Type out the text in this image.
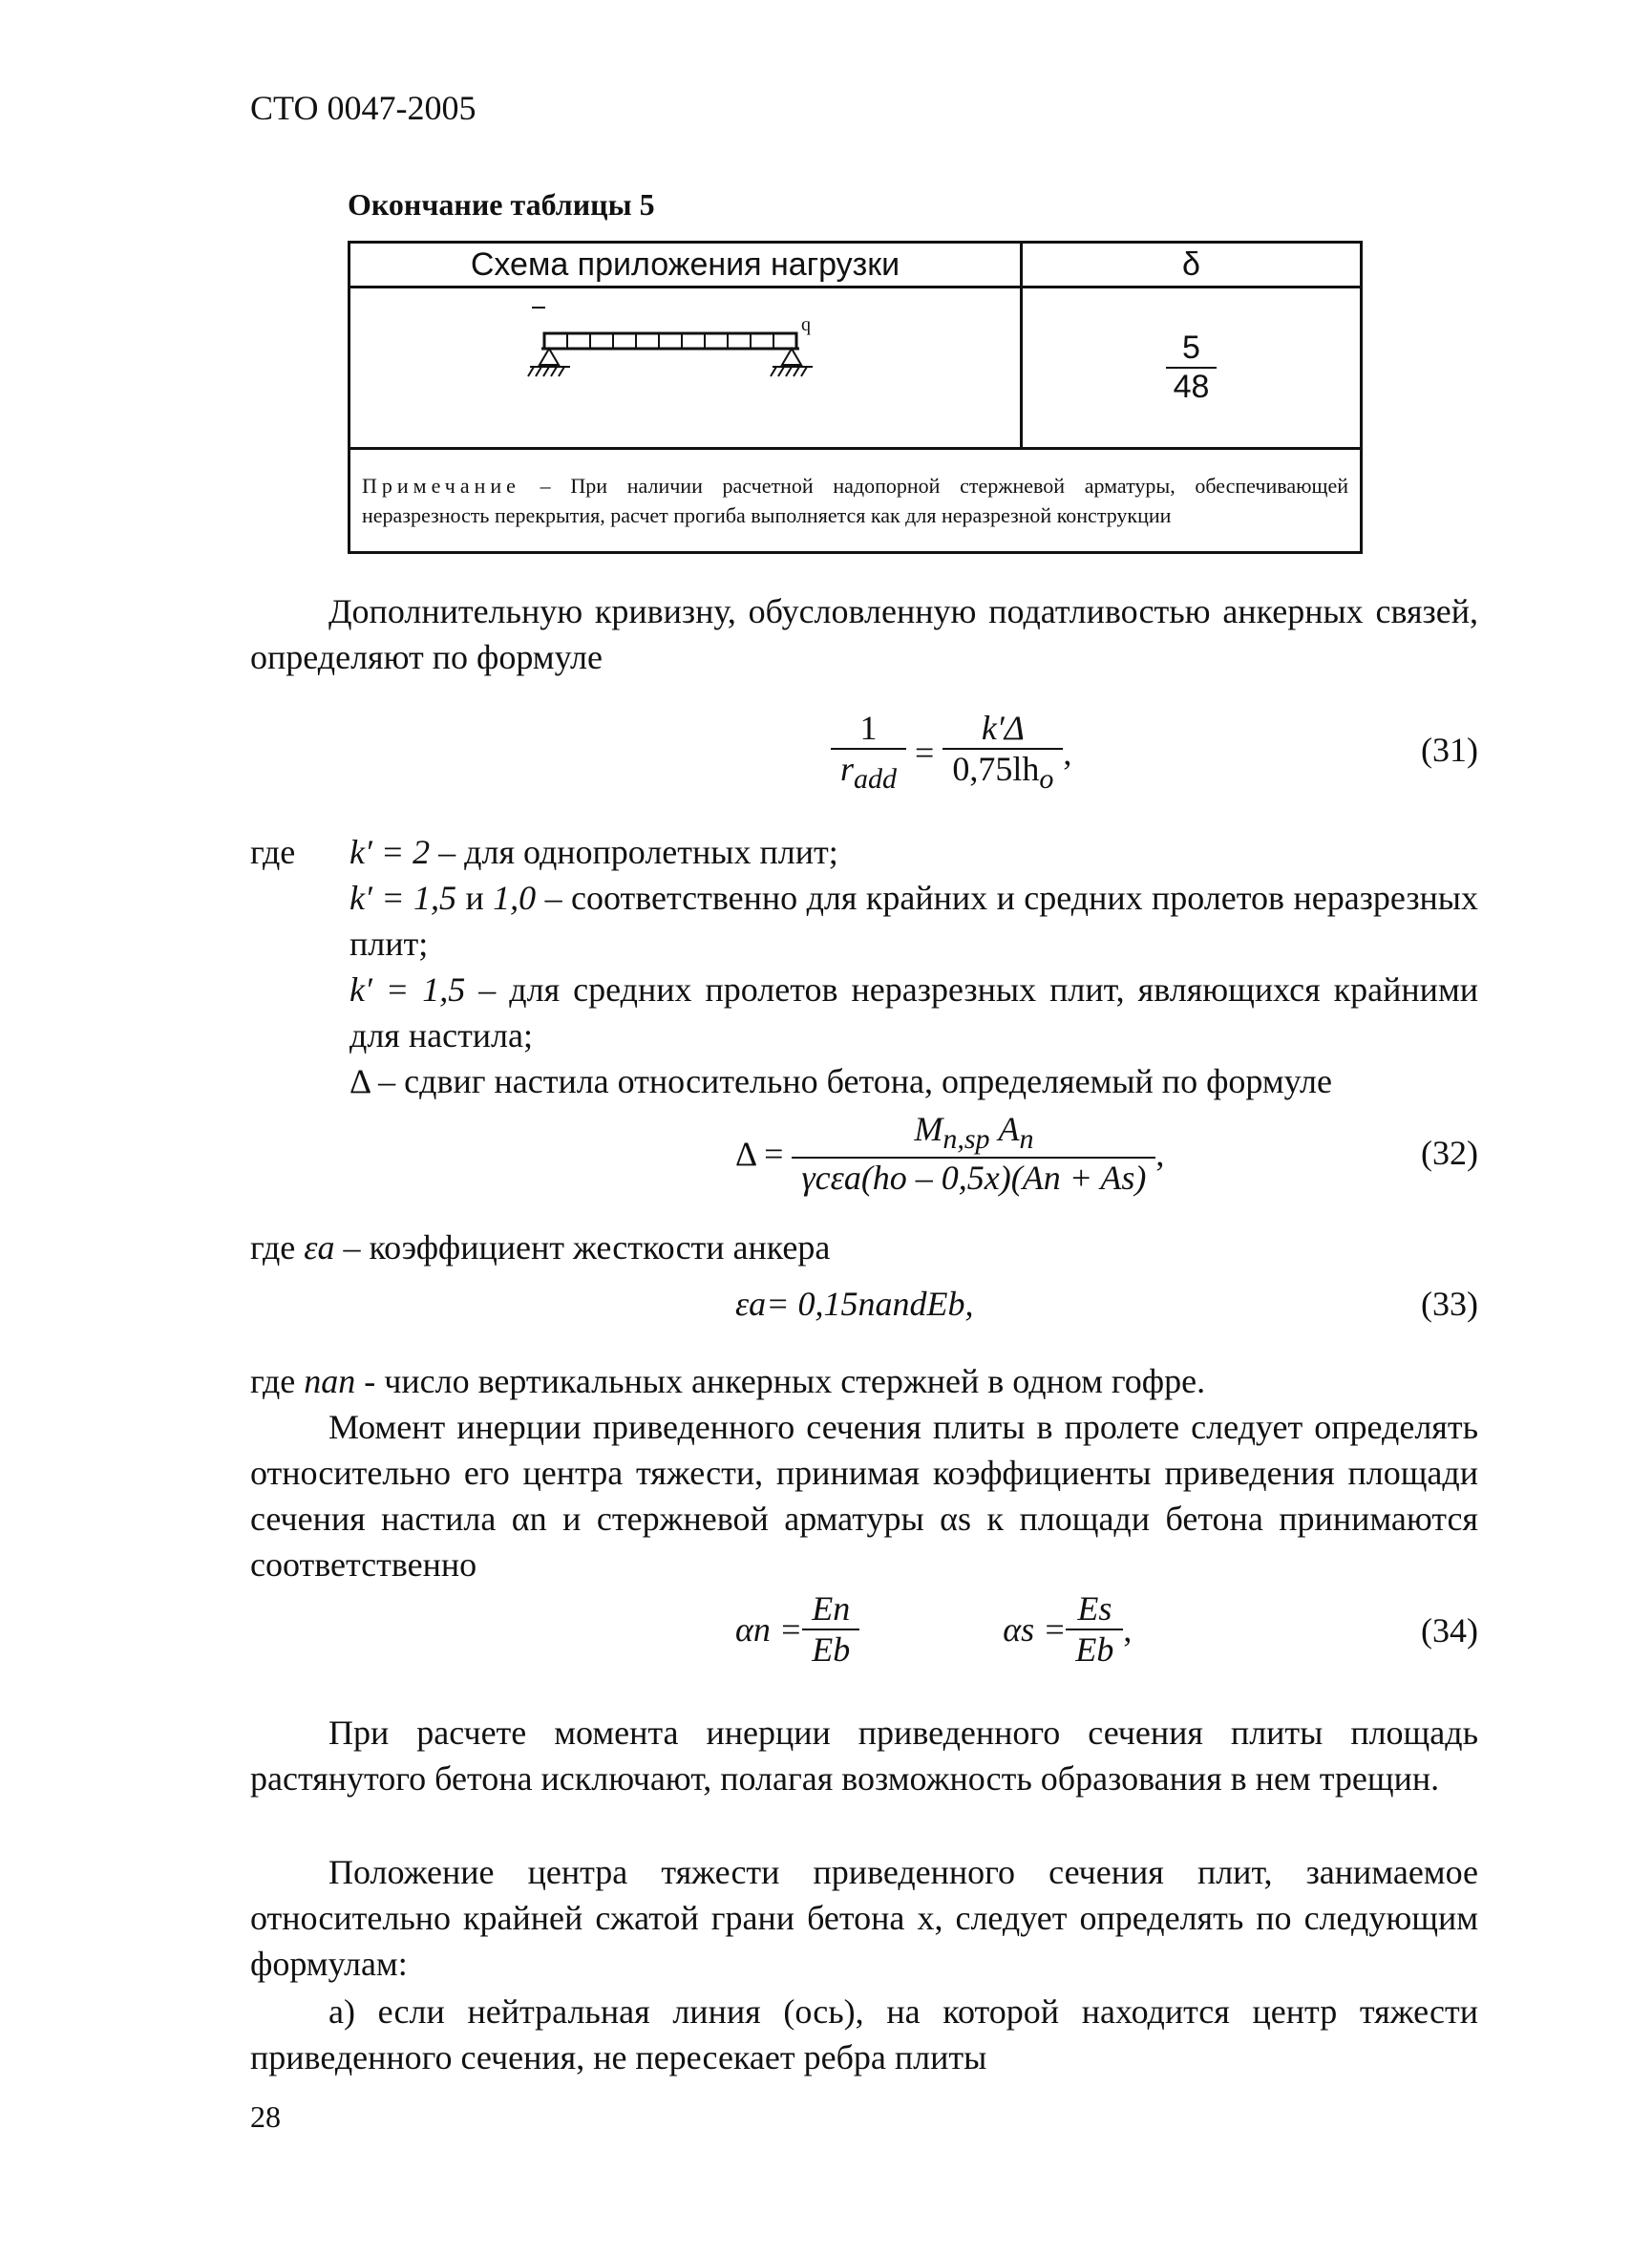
СТО 0047-2005
Окончание таблицы 5
Схема приложения нагрузки	δ

q	$\frac{5}{48}$

Примечание – При наличии расчетной надопорной стержневой арматуры, обеспечивающей неразрезность перекрытия, расчет прогиба выполняется как для неразрезной конструкции	
Дополнительную кривизну, обусловленную податливостью анкерных связей, определяют по формуле
$\frac{1}{r_{add}} = \frac{k'\Delta}{0,75lh_o}$ ,	(31)
где k′ = 2 – для однопролетных плит;
k′ = 1,5 и 1,0 – соответственно для крайних и средних пролетов неразрезных плит;
k′ = 1,5 – для средних пролетов неразрезных плит, являющихся крайними для настила;
Δ – сдвиг настила относительно бетона, определяемый по формуле
Δ =
$\frac{M_{n,sp} A_n}{\text{γcεa(ho – 0,5x)(An + As)}}$ ,	(32)
где εa – коэффициент жесткости анкера
εa = 0,15nandEb,	(33)
где nan - число вертикальных анкерных стержней в одном гофре.
Момент инерции приведенного сечения плиты в пролете следует определять относительно его центра тяжести, принимая коэффициенты приведения площади сечения настила αn и стержневой арматуры αs к площади бетона принимаются соответственно
$\alpha n = \frac{En}{Eb}$	$\alpha s = \frac{Es}{Eb}$ ,	(34)
При расчете момента инерции приведенного сечения плиты площадь растянутого бетона исключают, полагая возможность образования в нем трещин.
Положение центра тяжести приведенного сечения плит, занимаемое относительно крайней сжатой грани бетона x, следует определять по следующим формулам:
а) если нейтральная линия (ось), на которой находится центр тяжести приведенного сечения, не пересекает ребра плиты
28
